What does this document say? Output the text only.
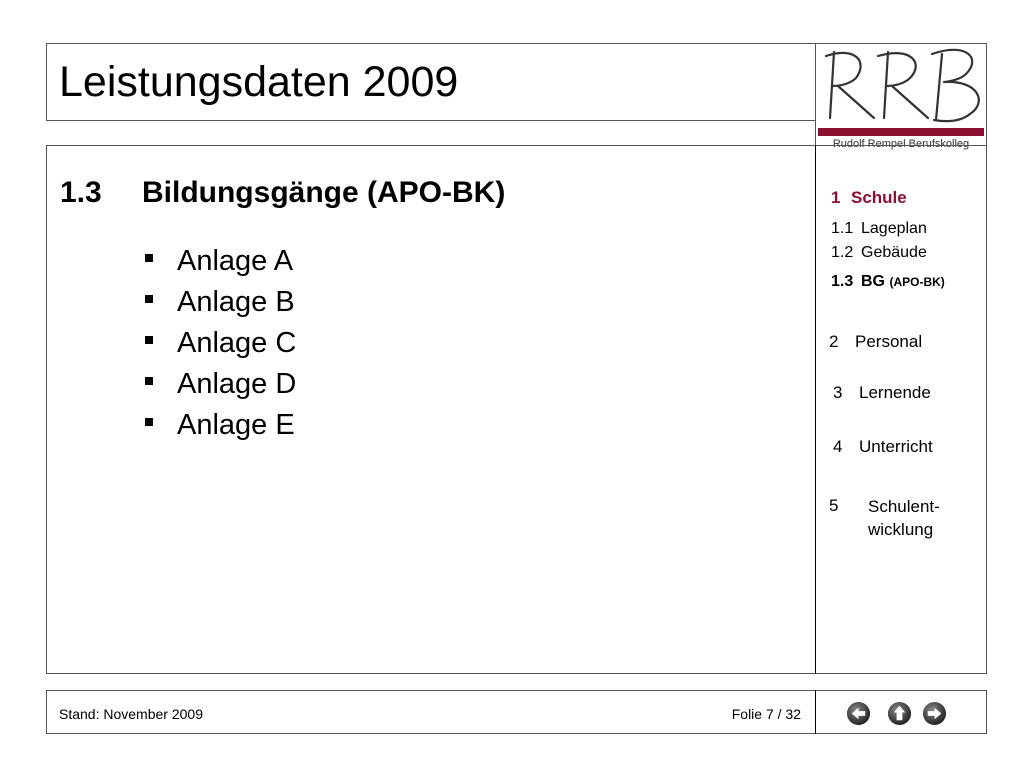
Leistungsdaten 2009
Rudolf Rempel Berufskolleg
1.3 Bildungsgänge (APO-BK)
Anlage A
Anlage B
Anlage C
Anlage D
Anlage E
1 Schule
1.1 Lageplan
1.2 Gebäude
1.3 BG (APO-BK)
2 Personal
3 Lernende
4 Unterricht
5 Schulent-
wicklung
Stand: November 2009	Folie 7 / 32
